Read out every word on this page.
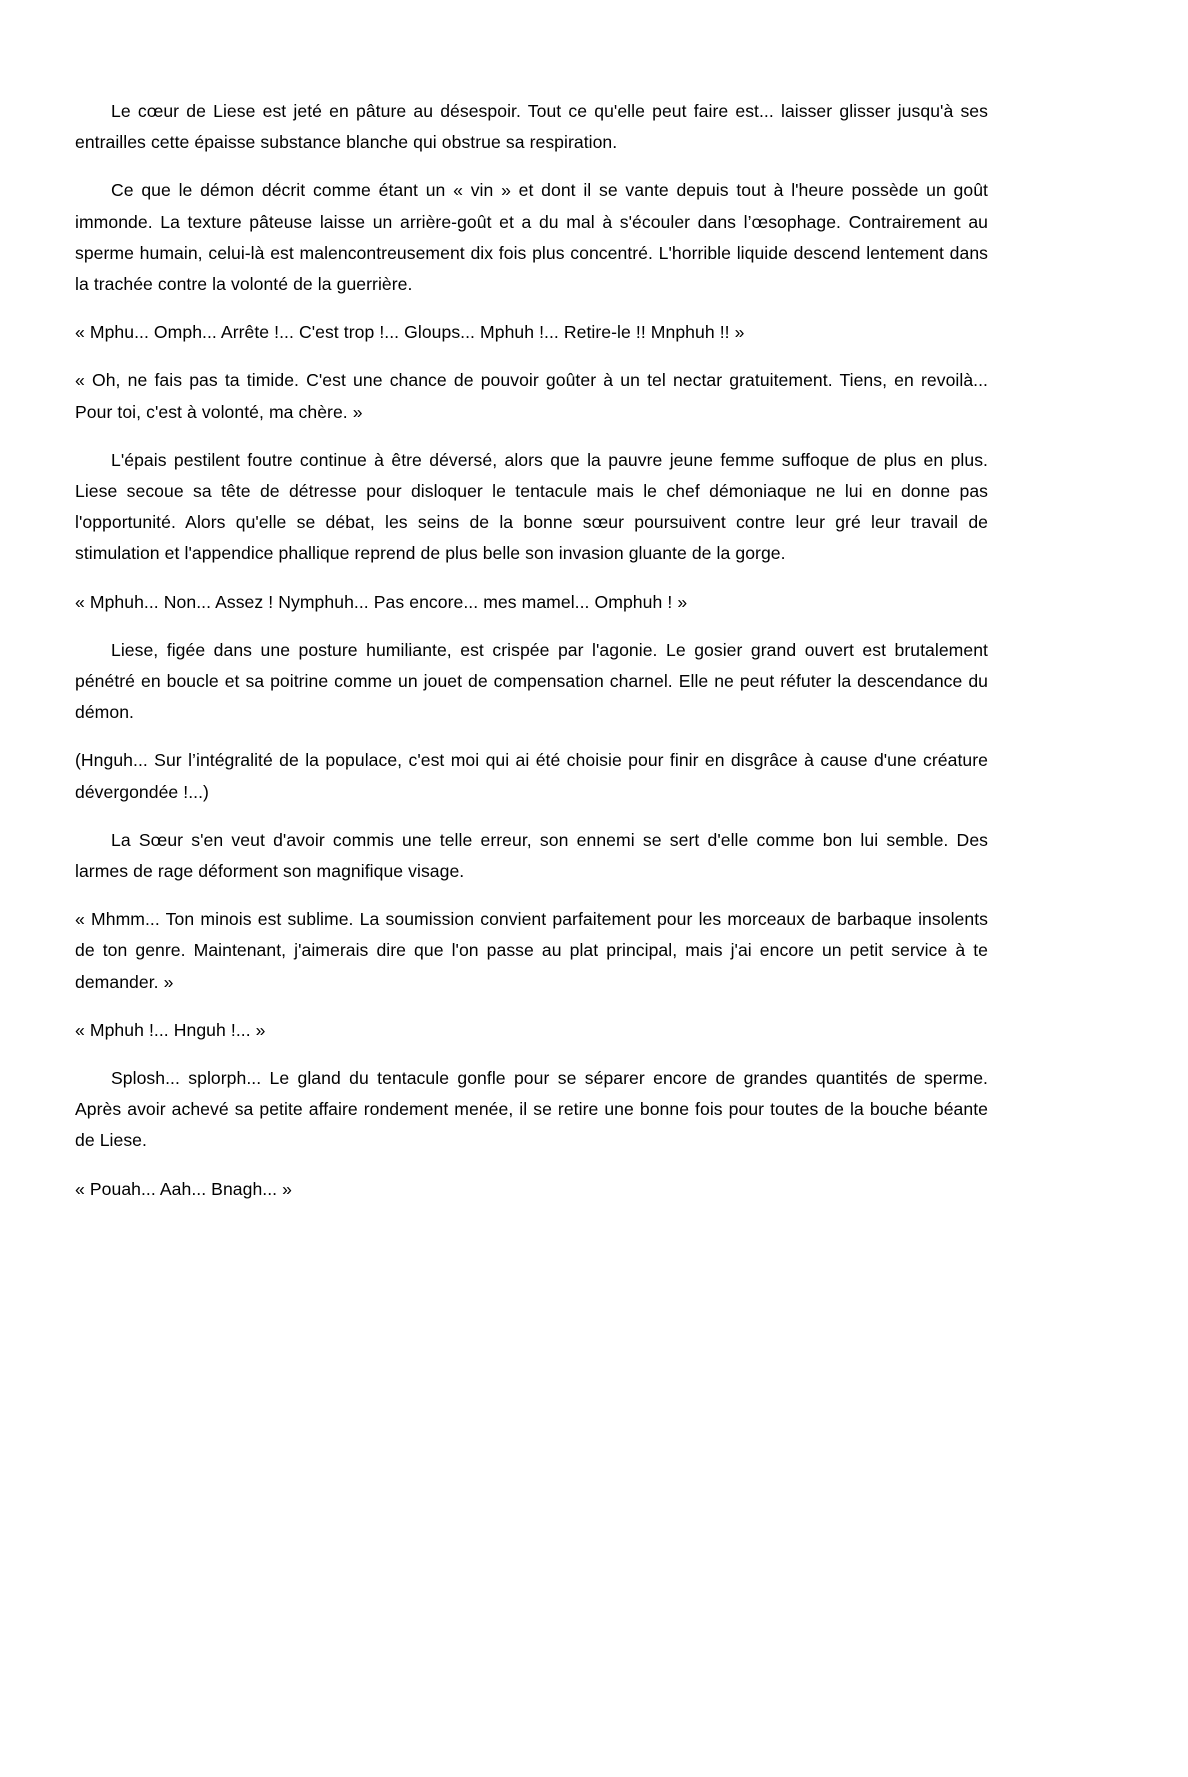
Le cœur de Liese est jeté en pâture au désespoir. Tout ce qu'elle peut faire est... laisser glisser jusqu'à ses entrailles cette épaisse substance blanche qui obstrue sa respiration.

Ce que le démon décrit comme étant un « vin » et dont il se vante depuis tout à l'heure possède un goût immonde. La texture pâteuse laisse un arrière-goût et a du mal à s'écouler dans l’œsophage. Contrairement au sperme humain, celui-là est malencontreusement dix fois plus concentré. L'horrible liquide descend lentement dans la trachée contre la volonté de la guerrière.

« Mphu... Omph... Arrête !... C'est trop !... Gloups... Mphuh !... Retire-le !! Mnphuh !! »

« Oh, ne fais pas ta timide. C'est une chance de pouvoir goûter à un tel nectar gratuitement. Tiens, en revoilà... Pour toi, c'est à volonté, ma chère. »

L'épais pestilent foutre continue à être déversé, alors que la pauvre jeune femme suffoque de plus en plus. Liese secoue sa tête de détresse pour disloquer le tentacule mais le chef démoniaque ne lui en donne pas l'opportunité. Alors qu'elle se débat, les seins de la bonne sœur poursuivent contre leur gré leur travail de stimulation et l'appendice phallique reprend de plus belle son invasion gluante de la gorge.

« Mphuh... Non... Assez ! Nymphuh... Pas encore... mes mamel... Omphuh ! »

Liese, figée dans une posture humiliante, est crispée par l'agonie. Le gosier grand ouvert est brutalement pénétré en boucle et sa poitrine comme un jouet de compensation charnel. Elle ne peut réfuter la descendance du démon.

(Hnguh... Sur l’intégralité de la populace, c'est moi qui ai été choisie pour finir en disgrâce à cause d'une créature dévergondée !...)

La Sœur s'en veut d'avoir commis une telle erreur, son ennemi se sert d'elle comme bon lui semble. Des larmes de rage déforment son magnifique visage.

« Mhmm... Ton minois est sublime. La soumission convient parfaitement pour les morceaux de barbaque insolents de ton genre. Maintenant, j'aimerais dire que l'on passe au plat principal, mais j'ai encore un petit service à te demander. »

« Mphuh !... Hnguh !... »

Splosh... splorph... Le gland du tentacule gonfle pour se séparer encore de grandes quantités de sperme. Après avoir achevé sa petite affaire rondement menée, il se retire une bonne fois pour toutes de la bouche béante de Liese.

« Pouah... Aah... Bnagh... »
